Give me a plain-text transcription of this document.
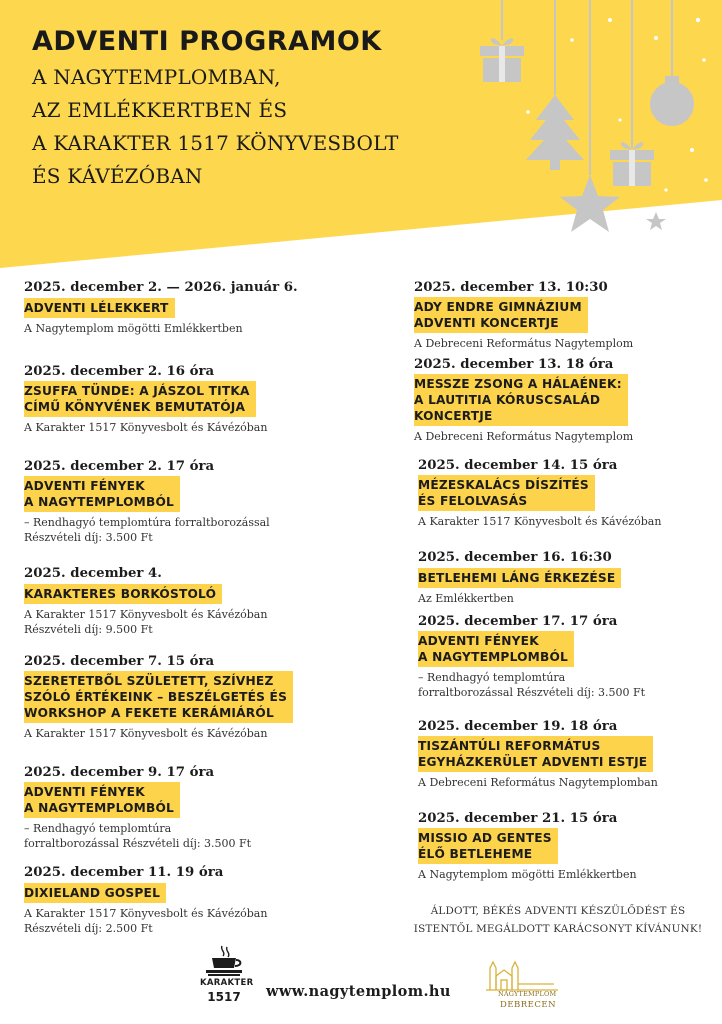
ADVENTI PROGRAMOK
A NAGYTEMPLOMBAN,
AZ EMLÉKKERTBEN ÉS
A KARAKTER 1517 KÖNYVESBOLT
ÉS KÁVÉZÓBAN
2025. december 2. — 2026. január 6.
ADVENTI LÉLEKKERT
A Nagytemplom mögötti Emlékkertben
2025. december 2. 16 óra
ZSUFFA TÜNDE: A JÁSZOL TITKA
CÍMŰ KÖNYVÉNEK BEMUTATÓJA
A Karakter 1517 Könyvesbolt és Kávézóban
2025. december 2. 17 óra
ADVENTI FÉNYEK
A NAGYTEMPLOMBÓL
– Rendhagyó templomtúra forraltborozással
Részvételi díj: 3.500 Ft
2025. december 4.
KARAKTERES BORKÓSTOLÓ
A Karakter 1517 Könyvesbolt és Kávézóban
Részvételi díj: 9.500 Ft
2025. december 7. 15 óra
SZERETETBŐL SZÜLETETT, SZÍVHEZ
SZÓLÓ ÉRTÉKEINK – BESZÉLGETÉS ÉS
WORKSHOP A FEKETE KERÁMIÁRÓL
A Karakter 1517 Könyvesbolt és Kávézóban
2025. december 9. 17 óra
ADVENTI FÉNYEK
A NAGYTEMPLOMBÓL
– Rendhagyó templomtúra
forraltborozással Részvételi díj: 3.500 Ft
2025. december 11. 19 óra
DIXIELAND GOSPEL
A Karakter 1517 Könyvesbolt és Kávézóban
Részvételi díj: 2.500 Ft
2025. december 13. 10:30
ADY ENDRE GIMNÁZIUM
ADVENTI KONCERTJE
A Debreceni Református Nagytemplom
2025. december 13. 18 óra
MESSZE ZSONG A HÁLAÉNEK:
A LAUTITIA KÓRUSCSALÁD
KONCERTJE
A Debreceni Református Nagytemplom
2025. december 14. 15 óra
MÉZESKALÁCS DÍSZÍTÉS
ÉS FELOLVASÁS
A Karakter 1517 Könyvesbolt és Kávézóban
2025. december 16. 16:30
BETLEHEMI LÁNG ÉRKEZÉSE
Az Emlékkertben
2025. december 17. 17 óra
ADVENTI FÉNYEK
A NAGYTEMPLOMBÓL
– Rendhagyó templomtúra
forraltborozással Részvételi díj: 3.500 Ft
2025. december 19. 18 óra
TISZÁNTÚLI REFORMÁTUS
EGYHÁZKERÜLET ADVENTI ESTJE
A Debreceni Református Nagytemplomban
2025. december 21. 15 óra
MISSIO AD GENTES
ÉLŐ BETLEHEME
A Nagytemplom mögötti Emlékkertben
ÁLDOTT, BÉKÉS ADVENTI KÉSZÜLŐDÉST ÉS
ISTENTŐL MEGÁLDOTT KARÁCSONYT KÍVÁNUNK!
KARAKTER
1517	www.nagytemplom.hu	NAGYTEMPLOM
DEBRECEN
